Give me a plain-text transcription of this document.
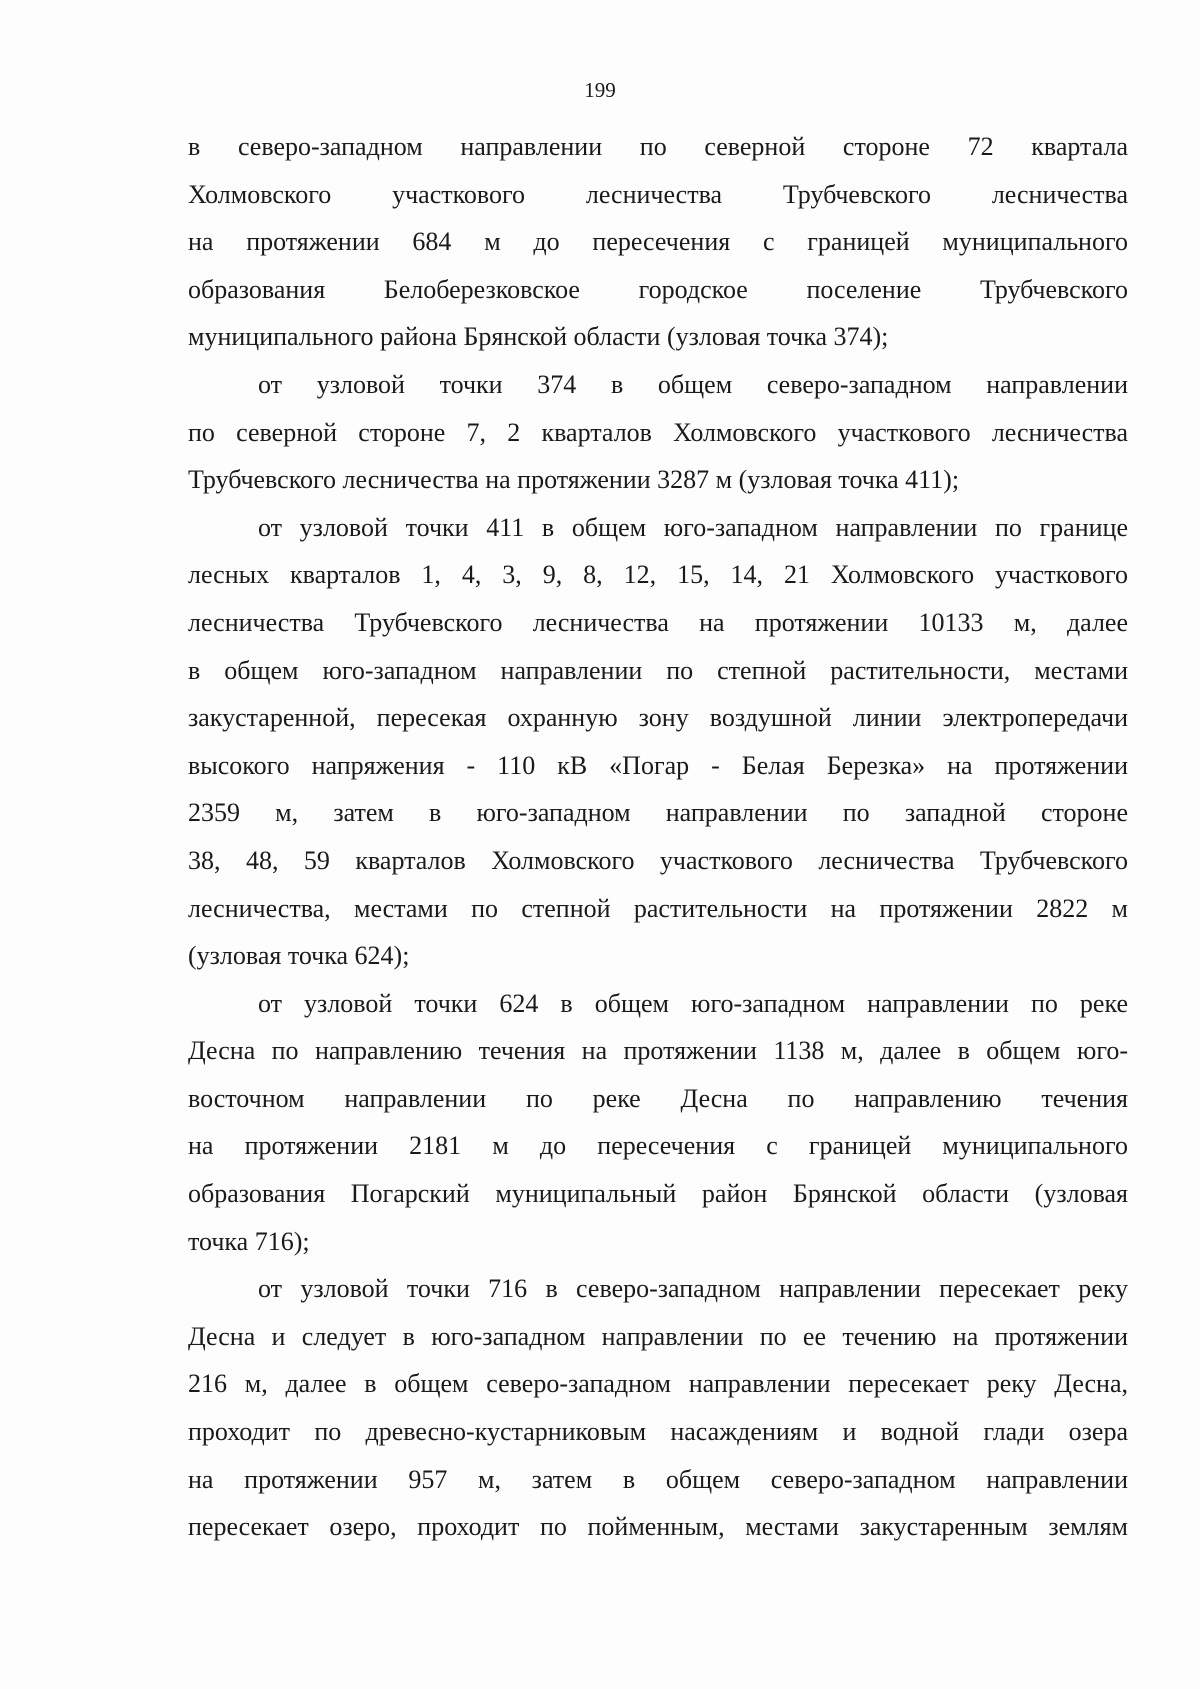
199
в северо-западном направлении по северной стороне 72 квартала
Холмовского участкового лесничества Трубчевского лесничества
на протяжении 684 м до пересечения с границей муниципального
образования Белоберезковское городское поселение Трубчевского
муниципального района Брянской области (узловая точка 374);
от узловой точки 374 в общем северо-западном направлении
по северной стороне 7, 2 кварталов Холмовского участкового лесничества
Трубчевского лесничества на протяжении 3287 м (узловая точка 411);
от узловой точки 411 в общем юго-западном направлении по границе
лесных кварталов 1, 4, 3, 9, 8, 12, 15, 14, 21 Холмовского участкового
лесничества Трубчевского лесничества на протяжении 10133 м, далее
в общем юго-западном направлении по степной растительности, местами
закустаренной, пересекая охранную зону воздушной линии электропередачи
высокого напряжения - 110 кВ «Погар - Белая Березка» на протяжении
2359 м, затем в юго-западном направлении по западной стороне
38, 48, 59 кварталов Холмовского участкового лесничества Трубчевского
лесничества, местами по степной растительности на протяжении 2822 м
(узловая точка 624);
от узловой точки 624 в общем юго-западном направлении по реке
Десна по направлению течения на протяжении 1138 м, далее в общем юго-
восточном направлении по реке Десна по направлению течения
на протяжении 2181 м до пересечения с границей муниципального
образования Погарский муниципальный район Брянской области (узловая
точка 716);
от узловой точки 716 в северо-западном направлении пересекает реку
Десна и следует в юго-западном направлении по ее течению на протяжении
216 м, далее в общем северо-западном направлении пересекает реку Десна,
проходит по древесно-кустарниковым насаждениям и водной глади озера
на протяжении 957 м, затем в общем северо-западном направлении
пересекает озеро, проходит по пойменным, местами закустаренным землям
